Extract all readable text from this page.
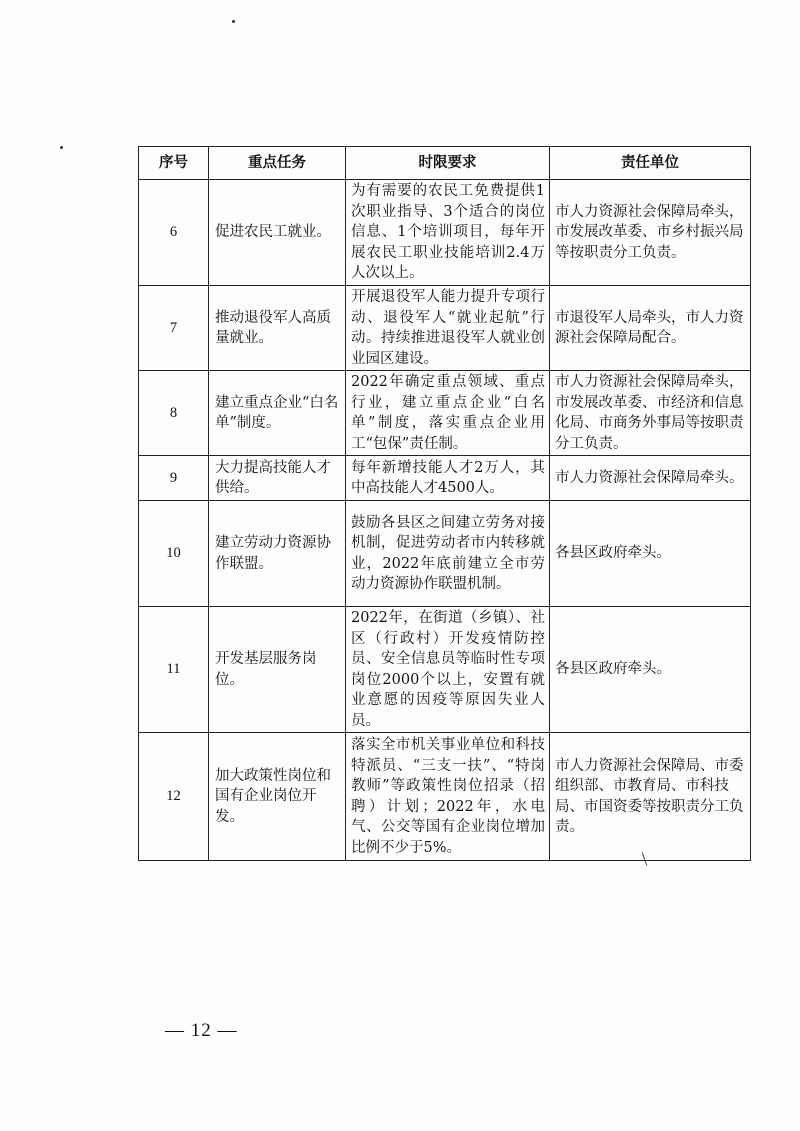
序号	重点任务	时限要求	责任单位
6	促进农民工就业。	为有需要的农民工免费提供1次职业指导、3个适合的岗位信息、1个培训项目，每年开展农民工职业技能培训2.4万人次以上。	市人力资源社会保障局牵头，市发展改革委、市乡村振兴局等按职责分工负责。
7	推动退役军人高质量就业。	开展退役军人能力提升专项行动、退役军人“就业起航”行动。持续推进退役军人就业创业园区建设。	市退役军人局牵头，市人力资源社会保障局配合。
8	建立重点企业“白名单”制度。	2022年确定重点领域、重点行业，建立重点企业“白名单”制度，落实重点企业用工“包保”责任制。	市人力资源社会保障局牵头，市发展改革委、市经济和信息化局、市商务外事局等按职责分工负责。
9	大力提高技能人才供给。	每年新增技能人才2万人，其中高技能人才4500人。	市人力资源社会保障局牵头。
10	建立劳动力资源协作联盟。	鼓励各县区之间建立劳务对接机制，促进劳动者市内转移就业，2022年底前建立全市劳动力资源协作联盟机制。	各县区政府牵头。
11	开发基层服务岗位。	2022年，在街道（乡镇）、社区（行政村）开发疫情防控员、安全信息员等临时性专项岗位2000个以上，安置有就业意愿的因疫等原因失业人员。	各县区政府牵头。
12	加大政策性岗位和国有企业岗位开发。	落实全市机关事业单位和科技特派员、“三支一扶”、“特岗教师”等政策性岗位招录（招聘）计划；2022年，水电气、公交等国有企业岗位增加比例不少于5%。	市人力资源社会保障局、市委组织部、市教育局、市科技局、市国资委等按职责分工负责。
— 12 —
